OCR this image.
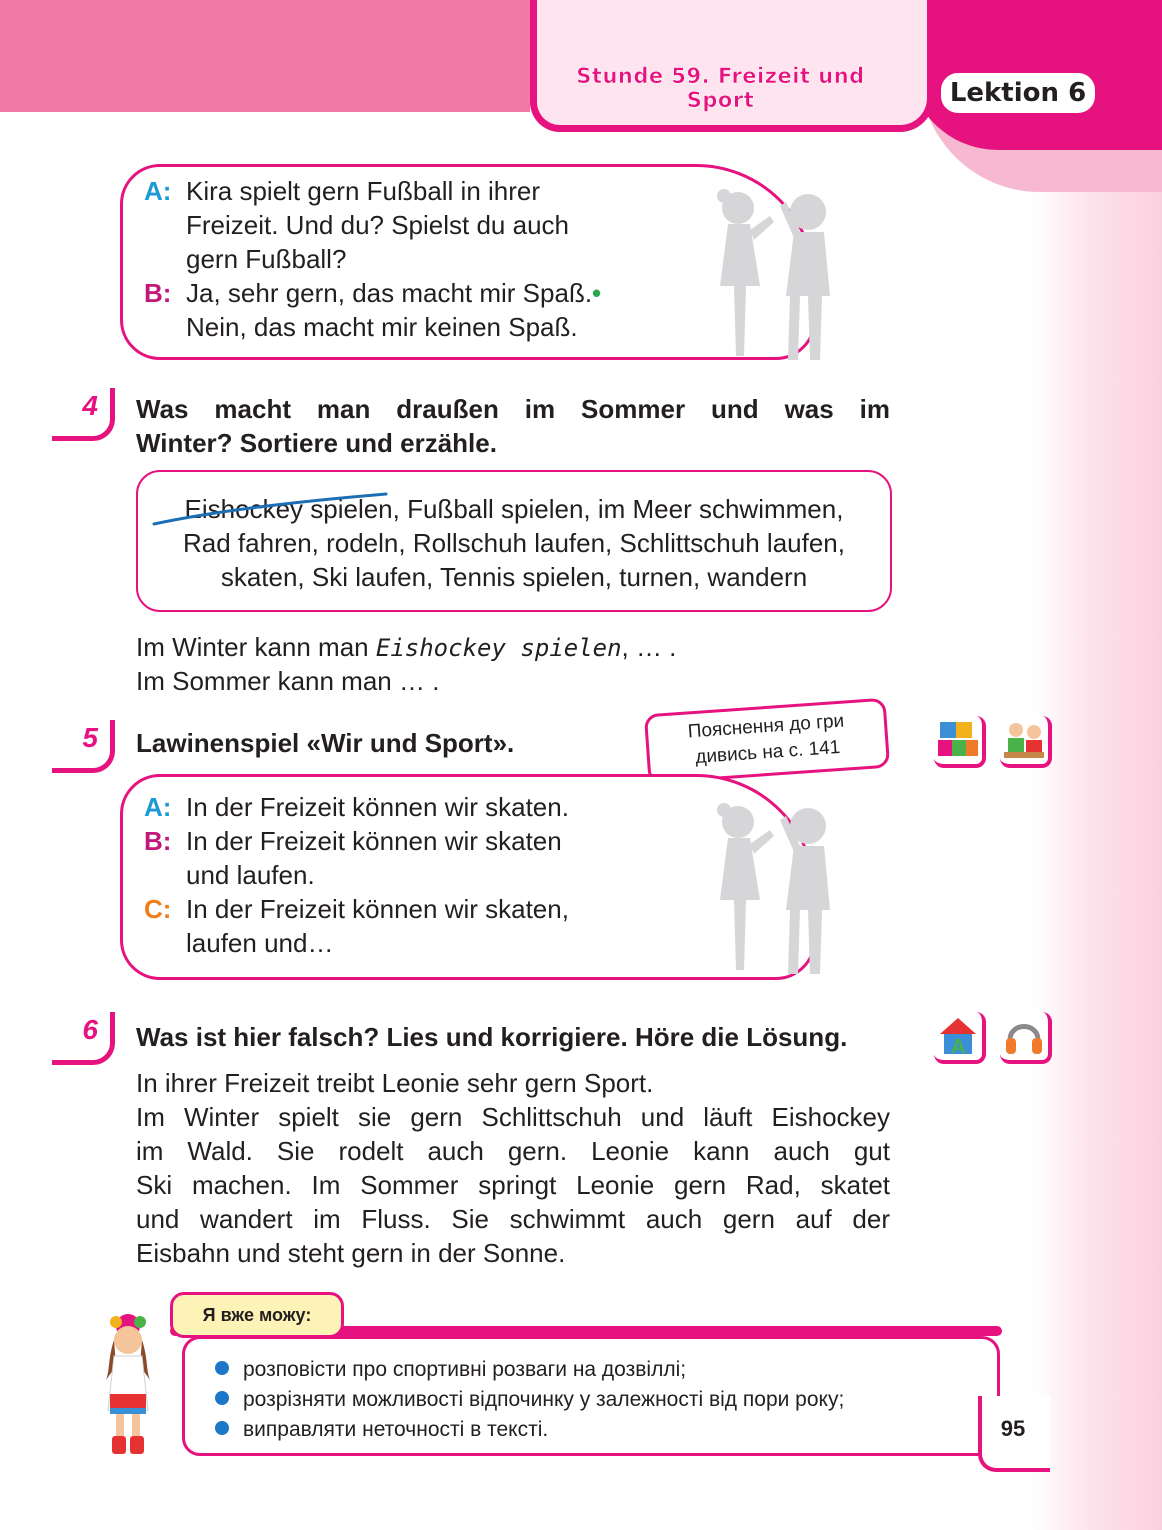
Stunde 59. Freizeit und Sport	Lektion 6
A: Kira spielt gern Fußball in ihrer
Freizeit. Und du? Spielst du auch
gern Fußball?
B: Ja, sehr gern, das macht mir Spaß.•
Nein, das macht mir keinen Spaß.
4 Was macht man draußen im Sommer und was im
Winter? Sortiere und erzähle.
Eishockey spielen, Fußball spielen, im Meer schwimmen,
Rad fahren, rodeln, Rollschuh laufen, Schlittschuh laufen,
skaten, Ski laufen, Tennis spielen, turnen, wandern
Im Winter kann man Eishockey spielen, … .
Im Sommer kann man … .
5 Lawinenspiel «Wir und Sport».
Пояснення до гри
дивись на с. 141
A: In der Freizeit können wir skaten.
B: In der Freizeit können wir skaten
und laufen.
C: In der Freizeit können wir skaten,
laufen und…
6 Was ist hier falsch? Lies und korrigiere. Höre die Lösung.	A
In ihrer Freizeit treibt Leonie sehr gern Sport.
Im Winter spielt sie gern Schlittschuh und läuft Eishockey
im Wald. Sie rodelt auch gern. Leonie kann auch gut
Ski machen. Im Sommer springt Leonie gern Rad, skatet
und wandert im Fluss. Sie schwimmt auch gern auf der
Eisbahn und steht gern in der Sonne.
розповісти про спортивні розваги на дозвіллі;
розрізняти можливості відпочинку у залежності від пори року;
виправляти неточності в тексті.
Я вже можу:
95
